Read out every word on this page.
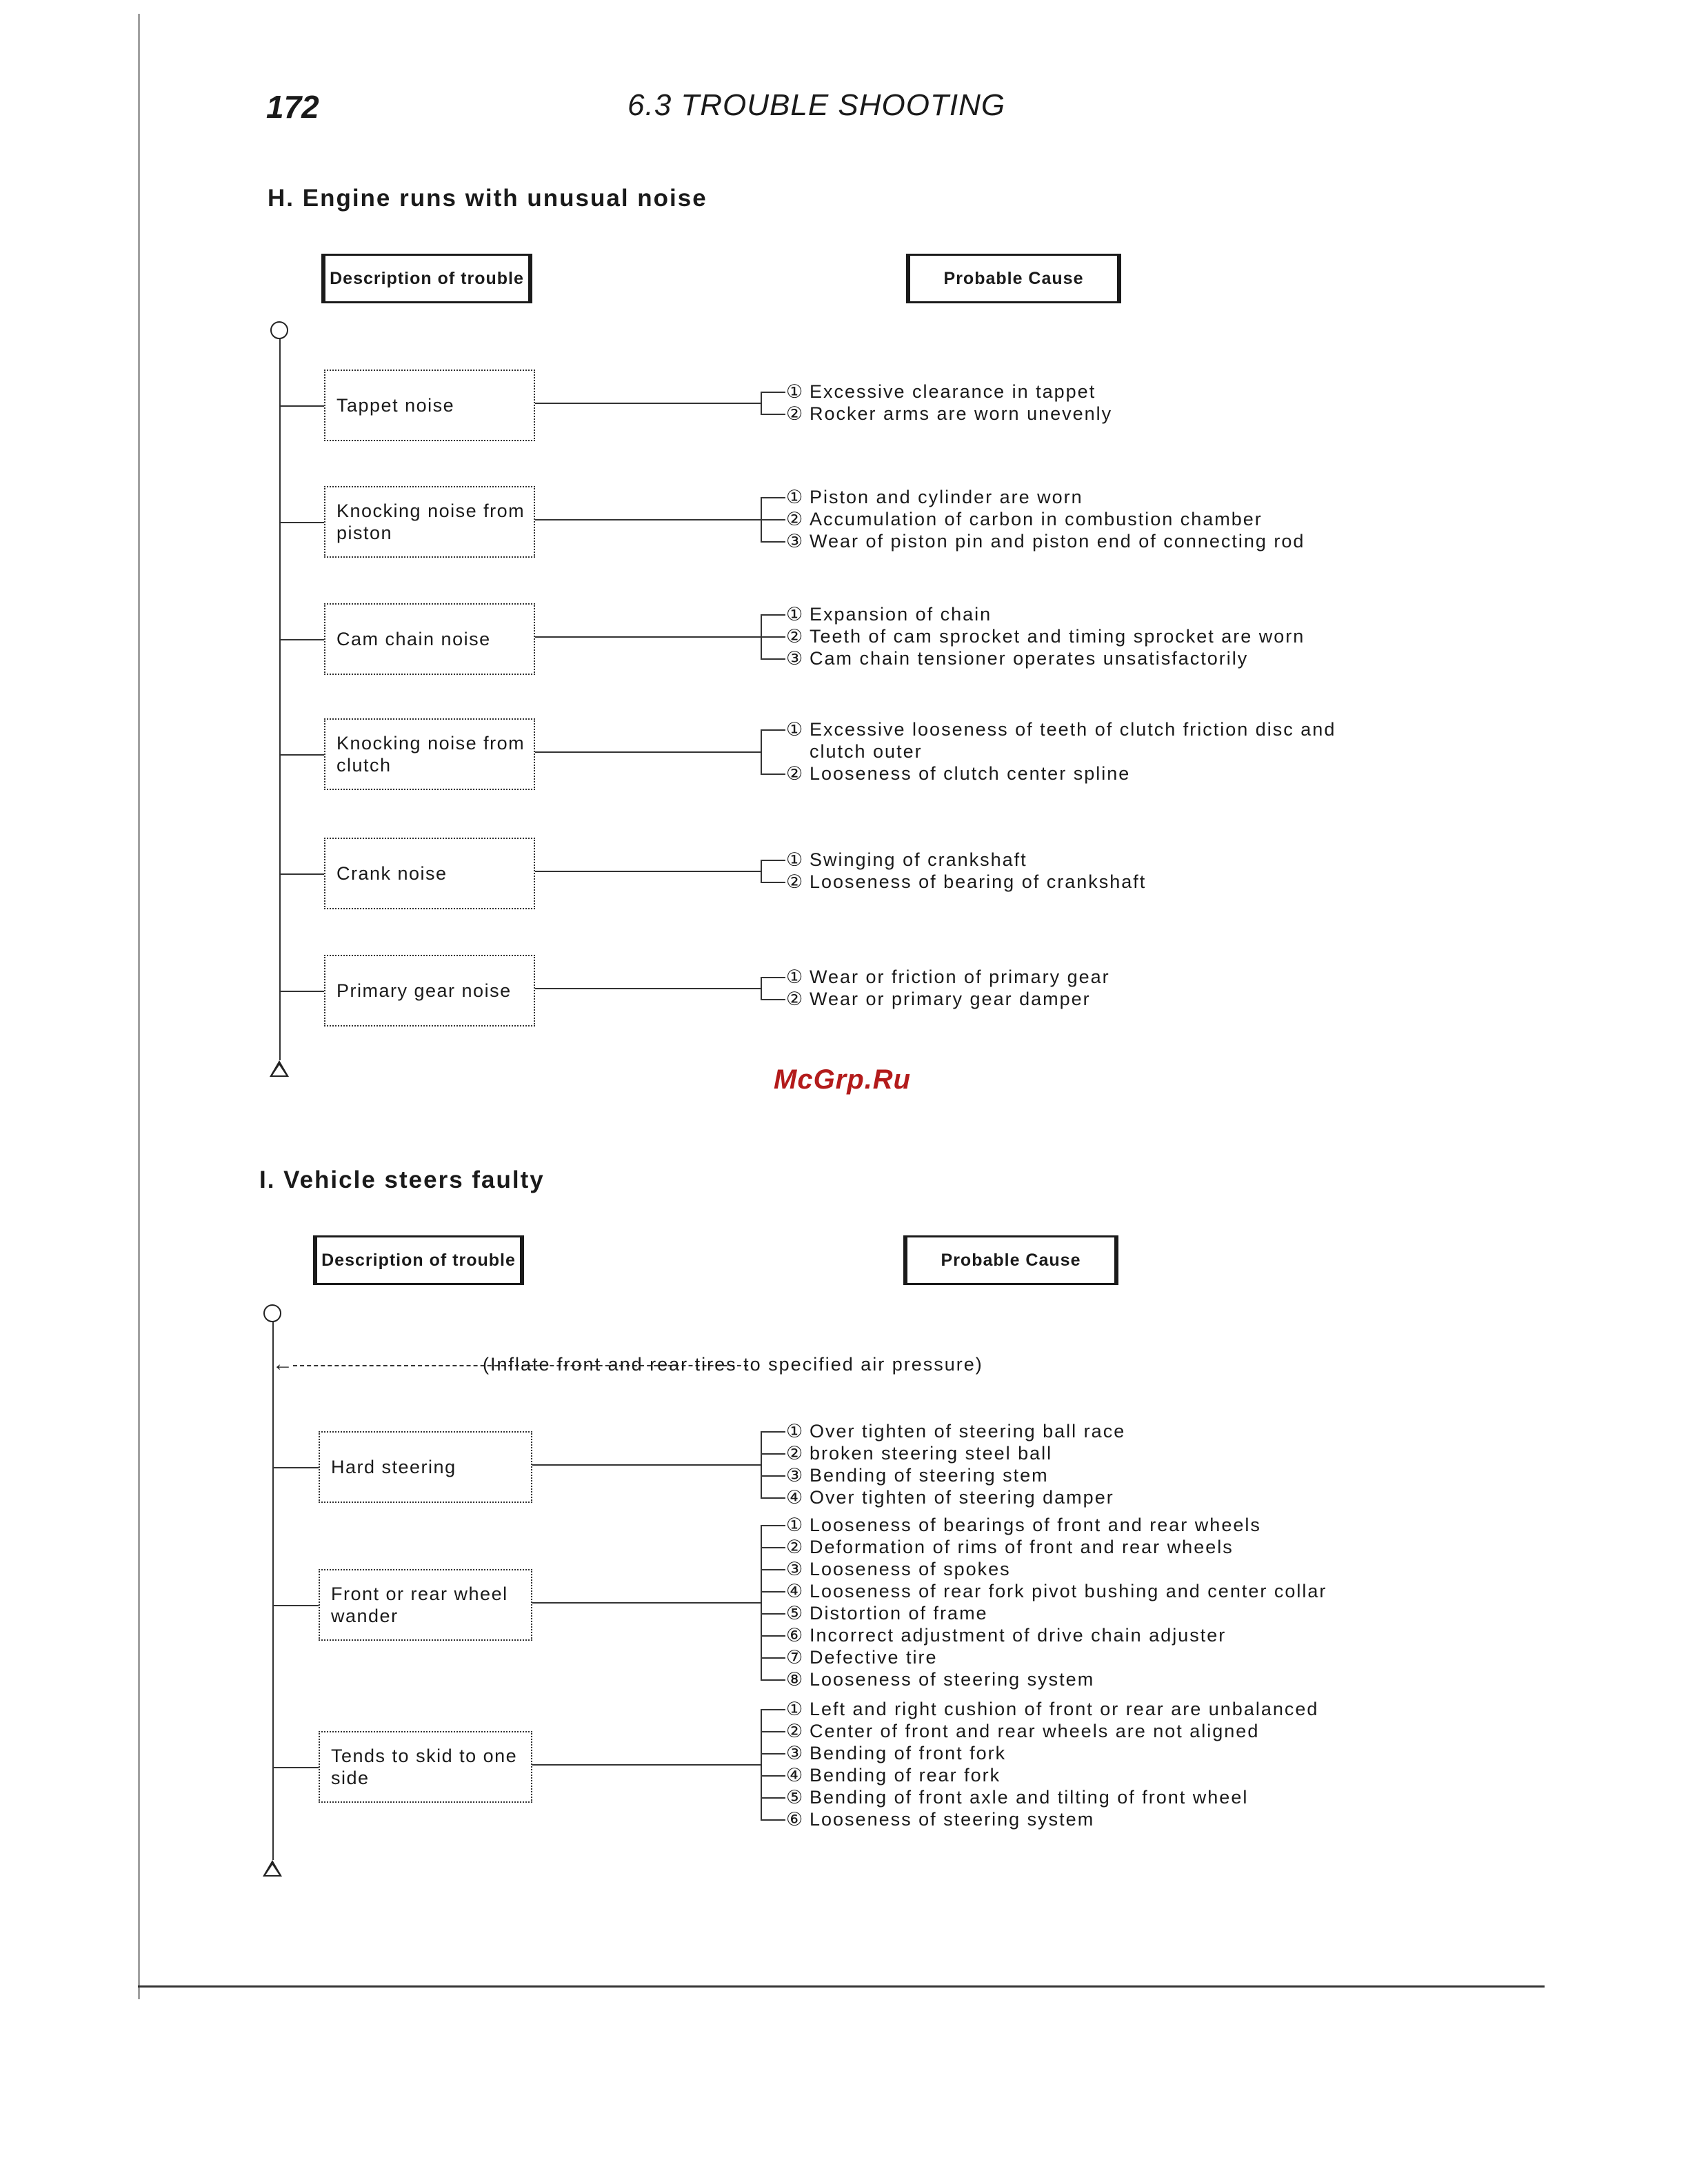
172	6.3 TROUBLE SHOOTING
McGrp.Ru
H. Engine runs with unusual noise
Description of trouble	Probable Cause
Tappet noise
① Excessive clearance in tappet
② Rocker arms are worn unevenly
Knocking noise from piston
① Piston and cylinder are worn
② Accumulation of carbon in combustion chamber
③ Wear of piston pin and piston end of connecting rod
Cam chain noise
① Expansion of chain
② Teeth of cam sprocket and timing sprocket are worn
③ Cam chain tensioner operates unsatisfactorily
Knocking noise from clutch
① Excessive looseness of teeth of clutch friction disc and
clutch outer
② Looseness of clutch center spline
Crank noise
① Swinging of crankshaft
② Looseness of bearing of crankshaft
Primary gear noise
① Wear or friction of primary gear
② Wear or primary gear damper
I. Vehicle steers faulty
Description of trouble	Probable Cause
←	(Inflate front and rear tires to specified air pressure)
Hard steering
① Over tighten of steering ball race
② broken steering steel ball
③ Bending of steering stem
④ Over tighten of steering damper
Front or rear wheel wander
① Looseness of bearings of front and rear wheels
② Deformation of rims of front and rear wheels
③ Looseness of spokes
④ Looseness of rear fork pivot bushing and center collar
⑤ Distortion of frame
⑥ Incorrect adjustment of drive chain adjuster
⑦ Defective tire
⑧ Looseness of steering system
Tends to skid to one side
① Left and right cushion of front or rear are unbalanced
② Center of front and rear wheels are not aligned
③ Bending of front fork
④ Bending of rear fork
⑤ Bending of front axle and tilting of front wheel
⑥ Looseness of steering system
